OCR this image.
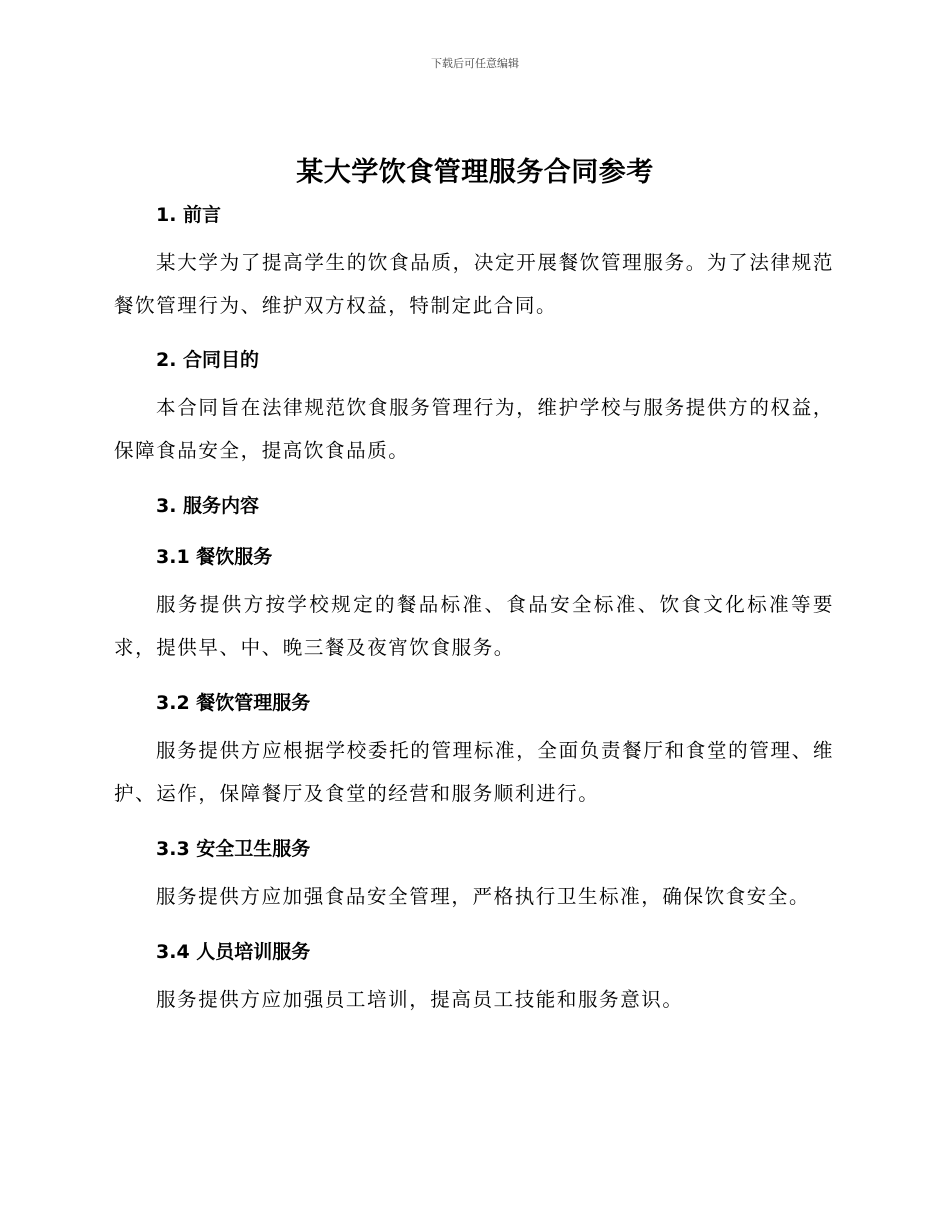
下载后可任意编辑
某大学饮食管理服务合同参考
1. 前言
某大学为了提高学生的饮食品质，决定开展餐饮管理服务。为了法律规范餐饮管理行为、维护双方权益，特制定此合同。
2. 合同目的
本合同旨在法律规范饮食服务管理行为，维护学校与服务提供方的权益，保障食品安全，提高饮食品质。
3. 服务内容
3.1 餐饮服务
服务提供方按学校规定的餐品标准、食品安全标准、饮食文化标准等要求，提供早、中、晚三餐及夜宵饮食服务。
3.2 餐饮管理服务
服务提供方应根据学校委托的管理标准，全面负责餐厅和食堂的管理、维护、运作，保障餐厅及食堂的经营和服务顺利进行。
3.3 安全卫生服务
服务提供方应加强食品安全管理，严格执行卫生标准，确保饮食安全。
3.4 人员培训服务
服务提供方应加强员工培训，提高员工技能和服务意识。
